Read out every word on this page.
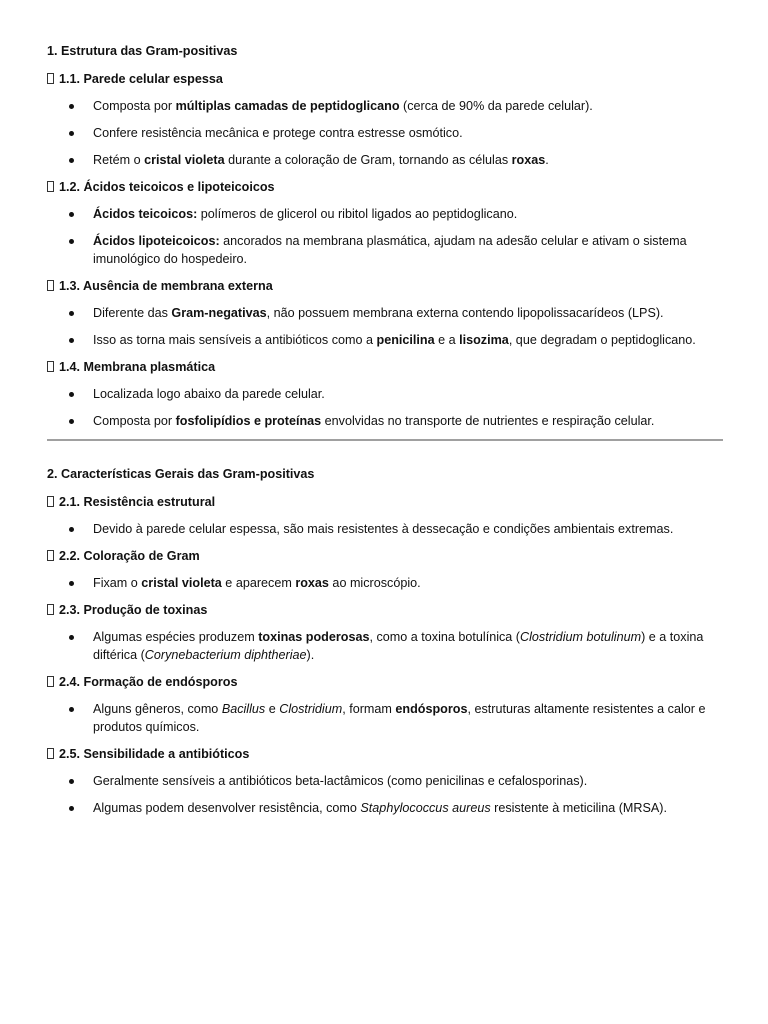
1. Estrutura das Gram-positivas
1.1. Parede celular espessa
Composta por múltiplas camadas de peptidoglicano (cerca de 90% da parede celular).
Confere resistência mecânica e protege contra estresse osmótico.
Retém o cristal violeta durante a coloração de Gram, tornando as células roxas.
1.2. Ácidos teicoicos e lipoteicoicos
Ácidos teicoicos: polímeros de glicerol ou ribitol ligados ao peptidoglicano.
Ácidos lipoteicoicos: ancorados na membrana plasmática, ajudam na adesão celular e ativam o sistema imunológico do hospedeiro.
1.3. Ausência de membrana externa
Diferente das Gram-negativas, não possuem membrana externa contendo lipopolissacarídeos (LPS).
Isso as torna mais sensíveis a antibióticos como a penicilina e a lisozima, que degradam o peptidoglicano.
1.4. Membrana plasmática
Localizada logo abaixo da parede celular.
Composta por fosfolipídios e proteínas envolvidas no transporte de nutrientes e respiração celular.
2. Características Gerais das Gram-positivas
2.1. Resistência estrutural
Devido à parede celular espessa, são mais resistentes à dessecação e condições ambientais extremas.
2.2. Coloração de Gram
Fixam o cristal violeta e aparecem roxas ao microscópio.
2.3. Produção de toxinas
Algumas espécies produzem toxinas poderosas, como a toxina botulínica (Clostridium botulinum) e a toxina diftérica (Corynebacterium diphtheriae).
2.4. Formação de endósporos
Alguns gêneros, como Bacillus e Clostridium, formam endósporos, estruturas altamente resistentes a calor e produtos químicos.
2.5. Sensibilidade a antibióticos
Geralmente sensíveis a antibióticos beta-lactâmicos (como penicilinas e cefalosporinas).
Algumas podem desenvolver resistência, como Staphylococcus aureus resistente à meticilina (MRSA).
